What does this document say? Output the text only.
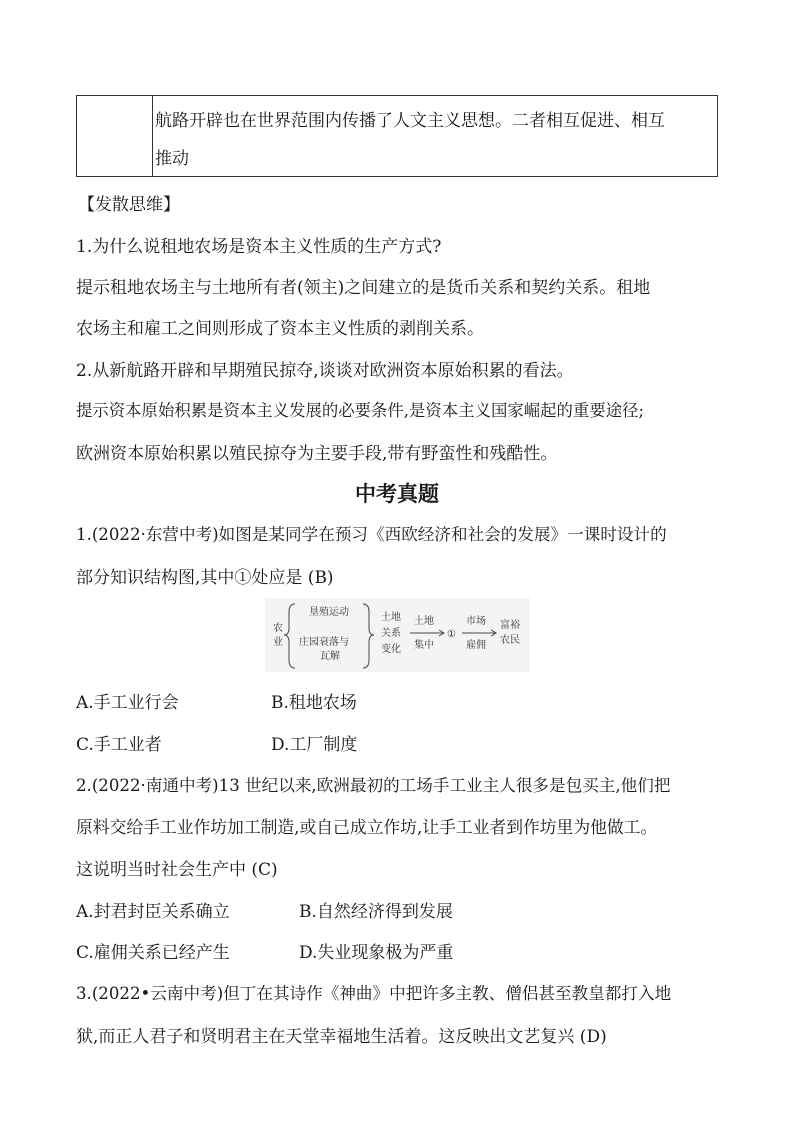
航路开辟也在世界范围内传播了人文主义思想。二者相互促进、相互
推动
【发散思维】
1.为什么说租地农场是资本主义性质的生产方式?
提示租地农场主与土地所有者(领主)之间建立的是货币关系和契约关系。租地
农场主和雇工之间则形成了资本主义性质的剥削关系。
2.从新航路开辟和早期殖民掠夺,谈谈对欧洲资本原始积累的看法。
提示资本原始积累是资本主义发展的必要条件,是资本主义国家崛起的重要途径;
欧洲资本原始积累以殖民掠夺为主要手段,带有野蛮性和残酷性。
中考真题
1.(2022·东营中考)如图是某同学在预习《西欧经济和社会的发展》一课时设计的
部分知识结构图,其中①处应是 (B)
农
业
垦殖运动
庄园衰落与
瓦解
土地
关系
变化
土地
集中
①
市场
雇佣
富裕
农民
A.手工业行会	B.租地农场
C.手工业者	D.工厂制度
2.(2022·南通中考)13 世纪以来,欧洲最初的工场手工业主人很多是包买主,他们把
原料交给手工业作坊加工制造,或自己成立作坊,让手工业者到作坊里为他做工。
这说明当时社会生产中 (C)
A.封君封臣关系确立	B.自然经济得到发展
C.雇佣关系已经产生	D.失业现象极为严重
3.(2022•云南中考)但丁在其诗作《神曲》中把许多主教、僧侣甚至教皇都打入地
狱,而正人君子和贤明君主在天堂幸福地生活着。这反映出文艺复兴 (D)
